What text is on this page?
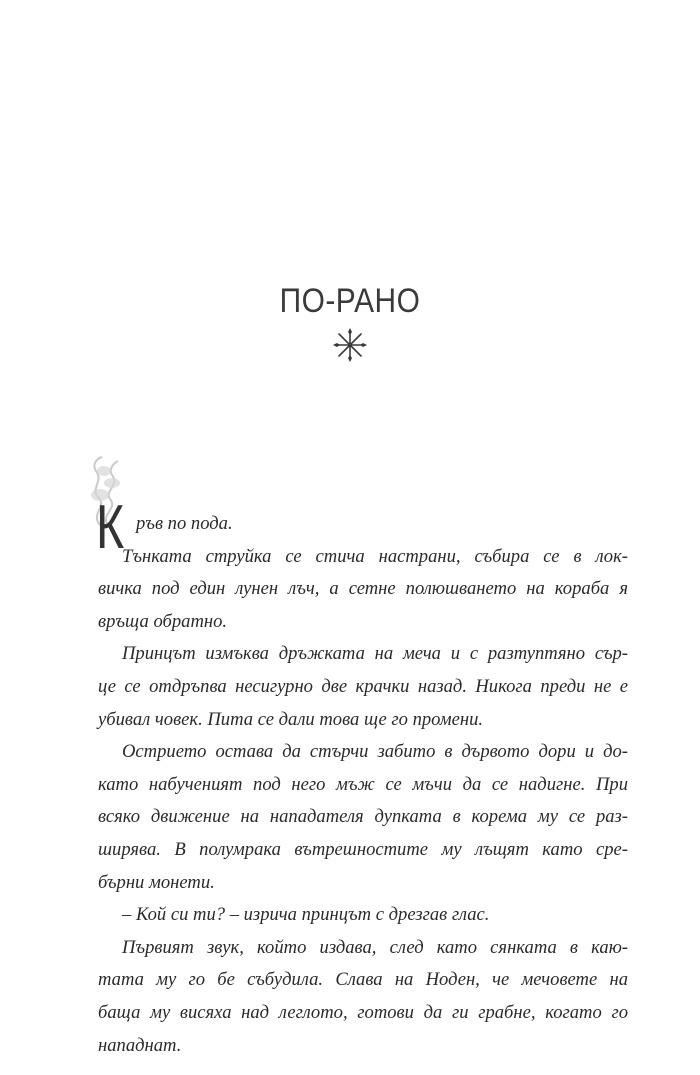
ПО-РАНО
К ръв по пода.
Тънката струйка се стича настрани, събира се в лок-
вичка под един лунен лъч, а сетне полюшването на кораба я
връща обратно.
Принцът измъква дръжката на меча и с разтуптяно сър-
це се отдръпва несигурно две крачки назад. Никога преди не е
убивал човек. Пита се дали това ще го промени.
Острието остава да стърчи забито в дървото дори и до-
като набученият под него мъж се мъчи да се надигне. При
всяко движение на нападателя дупката в корема му се раз-
ширява. В полумрака вътрешностите му лъщят като сре-
бърни монети.
– Кой си ти? – изрича принцът с дрезгав глас.
Първият звук, който издава, след като сянката в каю-
тата му го бе събудила. Слава на Ноден, че мечовете на
баща му висяха над леглото, готови да ги грабне, когато го
нападнат.
